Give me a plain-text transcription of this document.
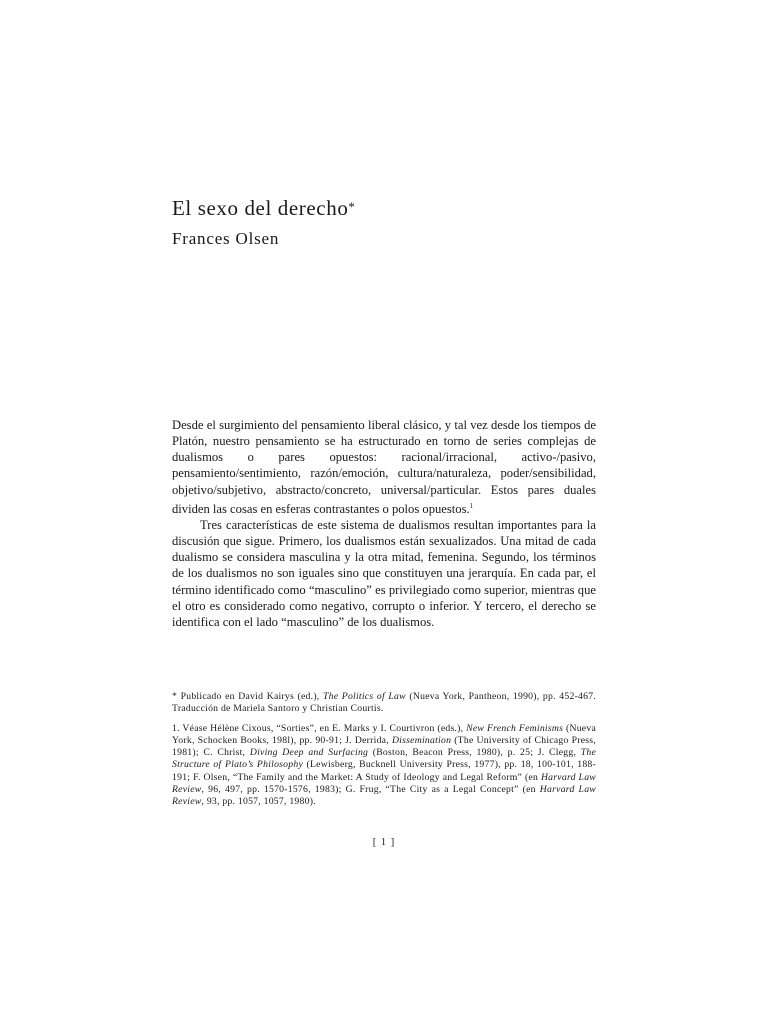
El sexo del derecho*
Frances Olsen

Desde el surgimiento del pensamiento liberal clásico, y tal vez desde los tiempos de Platón, nuestro pensamiento se ha estructurado en torno de series complejas de dualismos o pares opuestos: racional/irracional, activo-/pasivo, pensamiento/sentimiento, razón/emoción, cultura/naturaleza, poder/sensibilidad, objetivo/subjetivo, abstracto/concreto, universal/particular. Estos pares duales dividen las cosas en esferas contrastantes o polos opuestos.$^1$

Tres características de este sistema de dualismos resultan importantes para la discusión que sigue. Primero, los dualismos están sexualizados. Una mitad de cada dualismo se considera masculina y la otra mitad, femenina. Segundo, los términos de los dualismos no son iguales sino que constituyen una jerarquía. En cada par, el término identificado como “masculino” es privilegiado como superior, mientras que el otro es considerado como negativo, corrupto o inferior. Y tercero, el derecho se identifica con el lado “masculino” de los dualismos.

* Publicado en David Kairys (ed.), The Politics of Law (Nueva York, Pantheon, 1990), pp. 452-467. Traducción de Mariela Santoro y Christian Courtis.

1. Véase Hélène Cixous, “Sorties”, en E. Marks y I. Courtivron (eds.), New French Feminisms (Nueva York, Schocken Books, 198l), pp. 90-91; J. Derrida, Dissemination (The University of Chicago Press, 1981); C. Christ, Diving Deep and Surfacing (Boston, Beacon Press, 1980), p. 25; J. Clegg, The Structure of Plato’s Philosophy (Lewisberg, Bucknell University Press, 1977), pp. 18, 100-101, 188-191; F. Olsen, “The Family and the Market: A Study of Ideology and Legal Reform” (en Harvard Law Review, 96, 497, pp. 1570-1576, 1983); G. Frug, “The City as a Legal Concept” (en Harvard Law Review, 93, pp. 1057, 1057, 1980).

[ 1 ]
